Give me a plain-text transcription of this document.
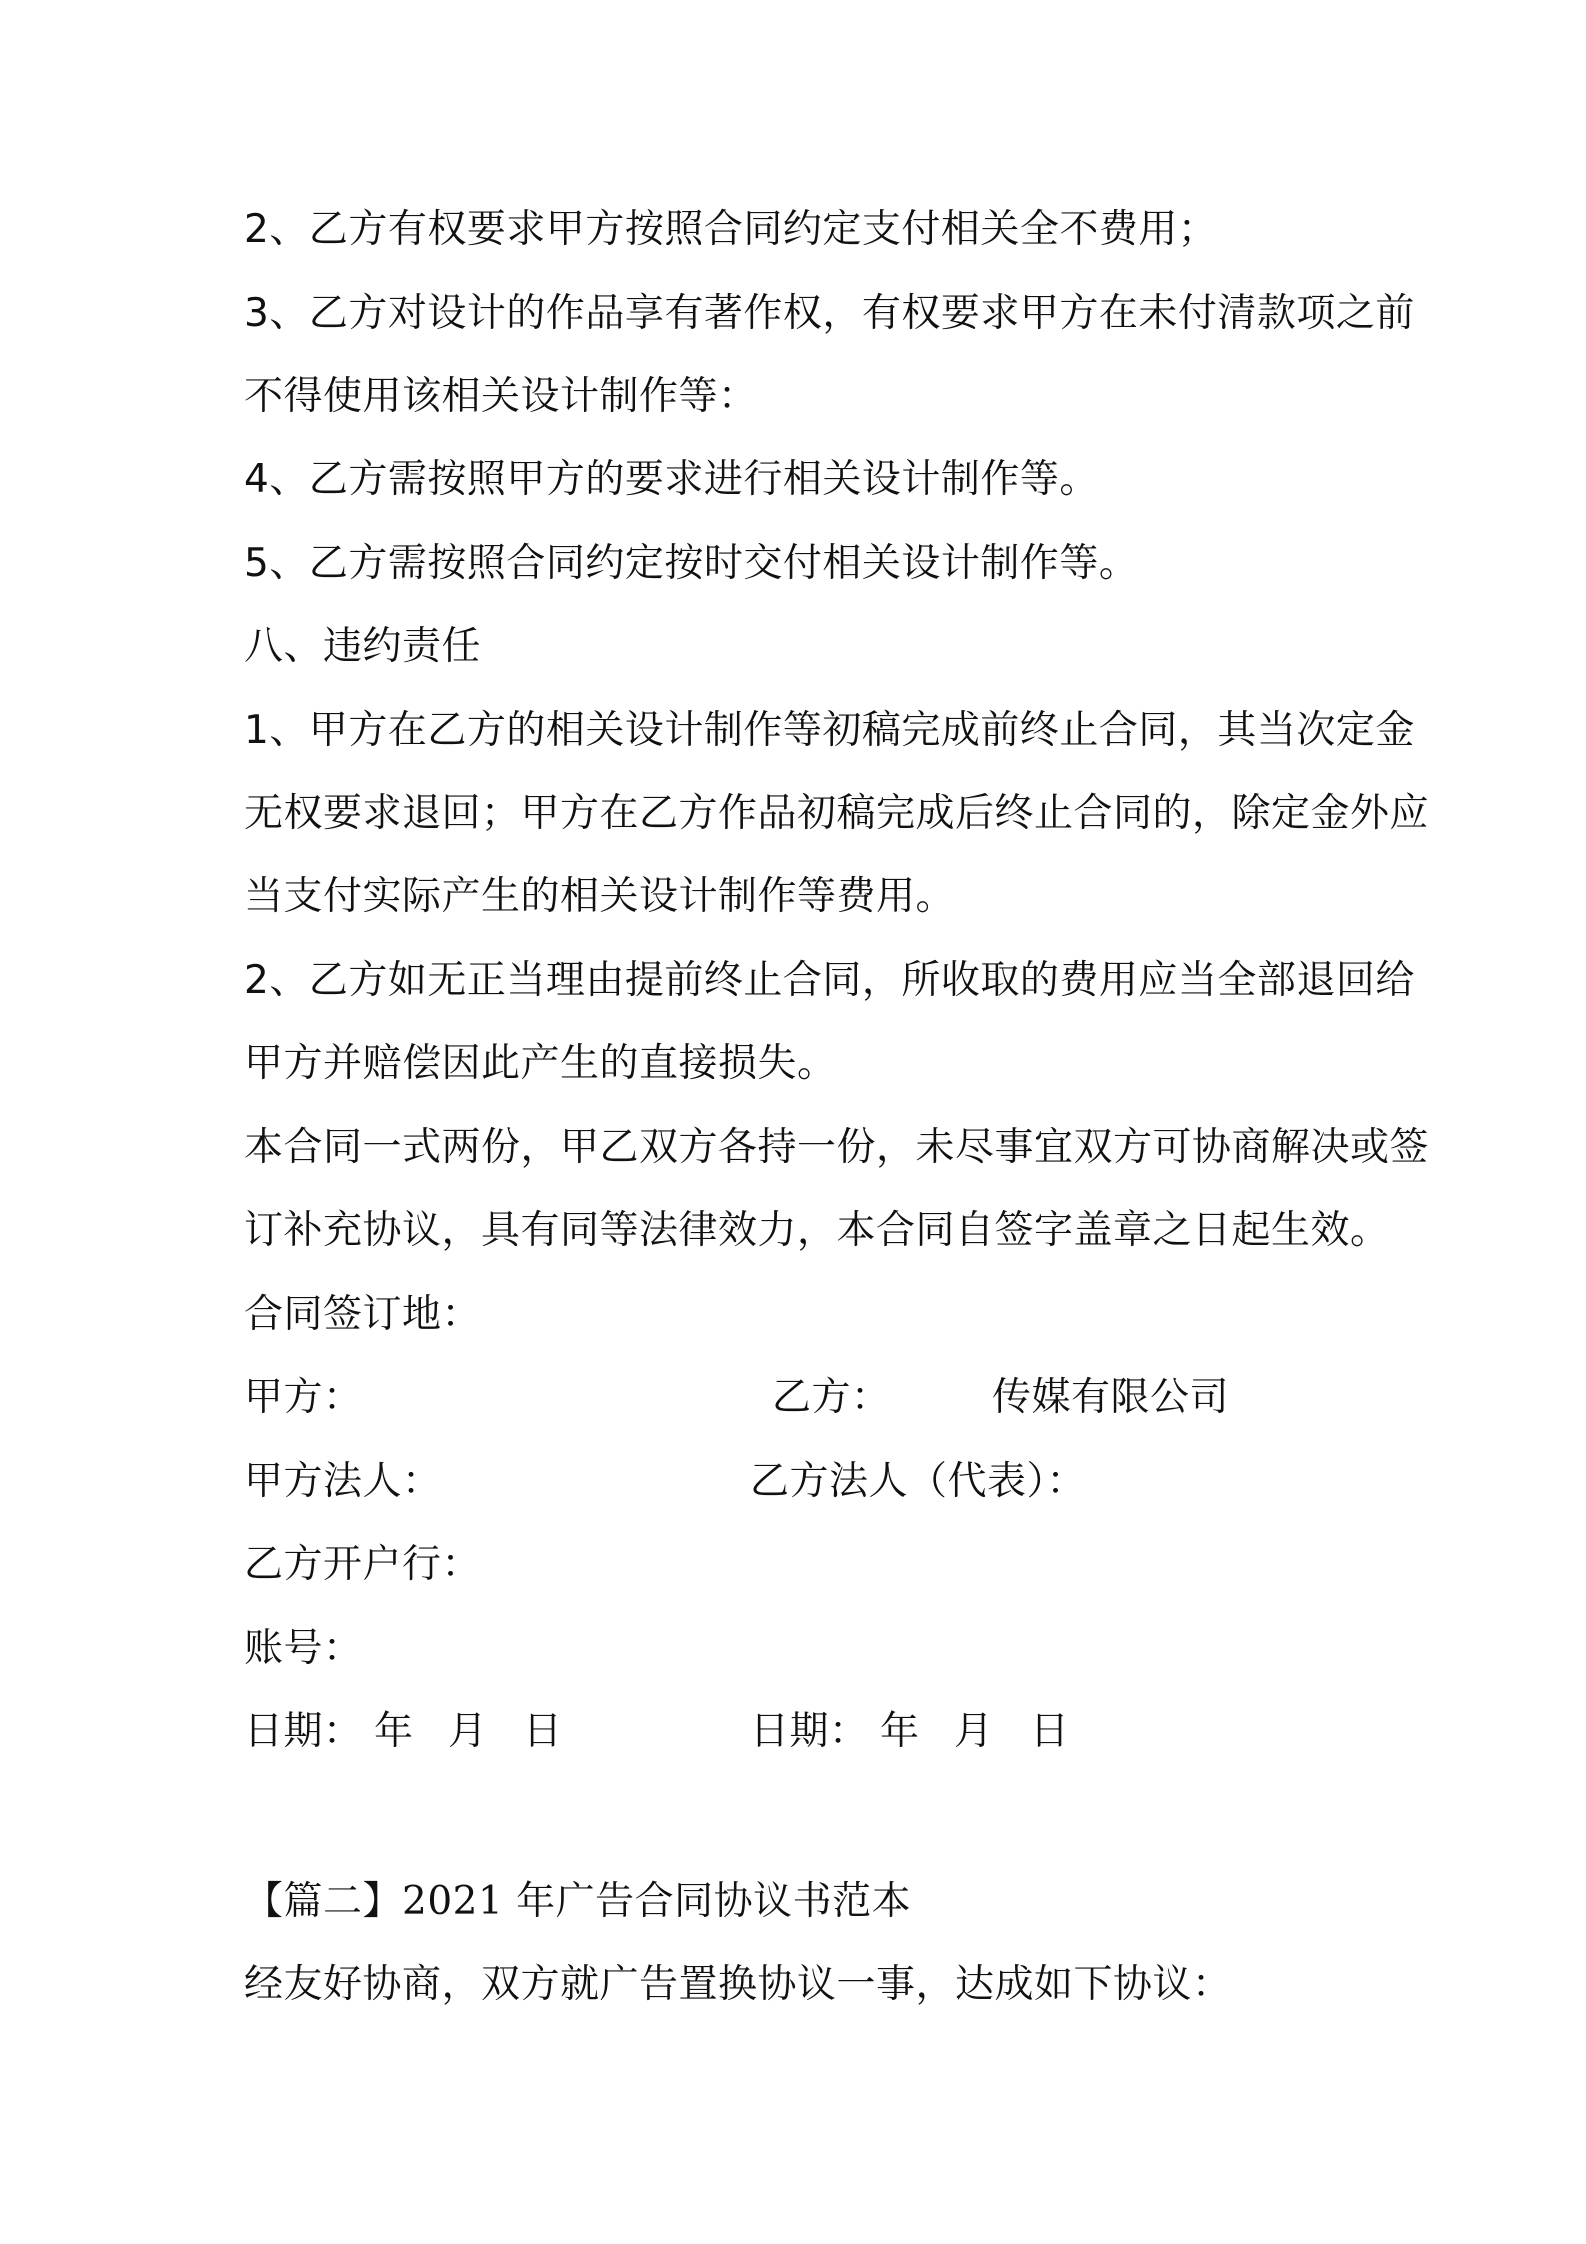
2、乙方有权要求甲方按照合同约定支付相关全不费用；

3、乙方对设计的作品享有著作权，有权要求甲方在未付清款项之前

不得使用该相关设计制作等：

4、乙方需按照甲方的要求进行相关设计制作等。

5、乙方需按照合同约定按时交付相关设计制作等。

八、违约责任

1、甲方在乙方的相关设计制作等初稿完成前终止合同，其当次定金

无权要求退回；甲方在乙方作品初稿完成后终止合同的，除定金外应

当支付实际产生的相关设计制作等费用。

2、乙方如无正当理由提前终止合同，所收取的费用应当全部退回给

甲方并赔偿因此产生的直接损失。

本合同一式两份，甲乙双方各持一份，未尽事宜双方可协商解决或签

订补充协议，具有同等法律效力，本合同自签字盖章之日起生效。

合同签订地：

甲方：	乙方：	传媒有限公司

甲方法人：	乙方法人（代表）：

乙方开户行：

账号：

日期： 年 月 日	日期： 年 月 日

【篇二】2021 年广告合同协议书范本

经友好协商，双方就广告置换协议一事，达成如下协议：
